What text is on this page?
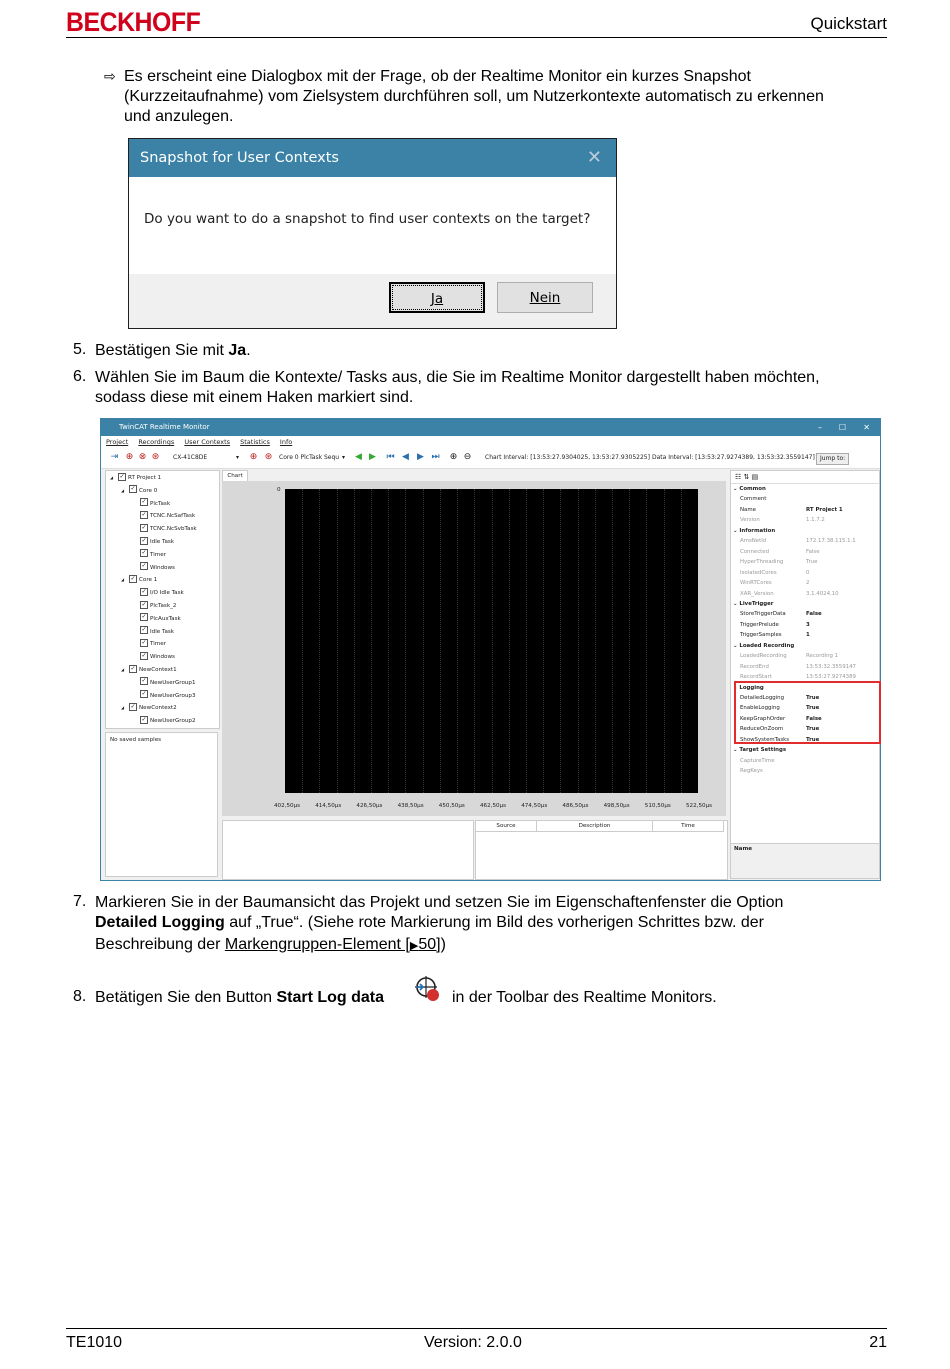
BECKHOFF	Quickstart
⇨ Es erscheint eine Dialogbox mit der Frage, ob der Realtime Monitor ein kurzes Snapshot
(Kurzzeitaufnahme) vom Zielsystem durchführen soll, um Nutzerkontexte automatisch zu erkennen
und anzulegen.
Snapshot for User Contexts	✕
Do you want to do a snapshot to find user contexts on the target?
Ja	Nein
5. Bestätigen Sie mit Ja.
6. Wählen Sie im Baum die Kontexte/ Tasks aus, die Sie im Realtime Monitor dargestellt haben möchten,
sodass diese mit einem Haken markiert sind.
TwinCAT Realtime Monitor	– ☐ ✕
Project Recordings User Contexts Statistics Info
⇥ ⊕ ⊗ ⊛ CX-41C8DE	▾ ⊕ ⊛ Core 0 PlcTask Sequ ▾ ◀ ▶ ⏮ ◀ ▶ ⏭ ⊕ ⊖ Chart Interval: [13:53:27.9304025, 13:53:27.9305225] Data Interval: [13:53:27.9274389, 13:53:32.3559147] Jump to:
◢ ✓ RT Project 1
◢ ✓ Core 0
✓ PlcTask
✓ TCNC.NcSafTask
✓ TCNC.NcSvbTask
✓ Idle Task
✓ Timer
✓ Windows
◢ ✓ Core 1
✓ I/O Idle Task
✓ PlcTask_2
✓ PlcAuxTask
✓ Idle Task
✓ Timer
✓ Windows
◢ ✓ NewContext1
✓ NewUserGroup1
✓ NewUserGroup3
◢ ✓ NewContext2
✓ NewUserGroup2
No saved samples
Chart
0
402,50µs	414,50µs	426,50µs	438,50µs	450,50µs	462,50µs	474,50µs	486,50µs	498,50µs	510,50µs	522,50µs
Source	Description	Time
☷ ⇅ ▤
⌄ Common
Comment
Name	RT Project 1
Version	1.1.7.2
⌄ Information
AmsNetId	172.17.38.115.1.1
Connected	False
HyperThreading	True
IsolatedCores	0
WinRTCores	2
XAR_Version	3.1.4024.10
⌄ LiveTrigger
StoreTriggerData	False
TriggerPrelude	3
TriggerSamples	1
⌄ Loaded Recording
LoadedRecording	Recording 1
RecordEnd	13:53:32.3559147
RecordStart	13:53:27.9274389
⌄ Logging
DetailedLogging	True
EnableLogging	True
KeepGraphOrder	False
ReduceOnZoom	True
ShowSystemTasks	True
⌄ Target Settings
CaptureTime
RegKeys
Name
7. Markieren Sie in der Baumansicht das Projekt und setzen Sie im Eigenschaftenfenster die Option
Detailed Logging auf „True“. (Siehe rote Markierung im Bild des vorherigen Schrittes bzw. der
Beschreibung der Markengruppen-Element [▶50])
8. Betätigen Sie den Button Start Log data	in der Toolbar des Realtime Monitors.
TE1010	Version: 2.0.0	21
